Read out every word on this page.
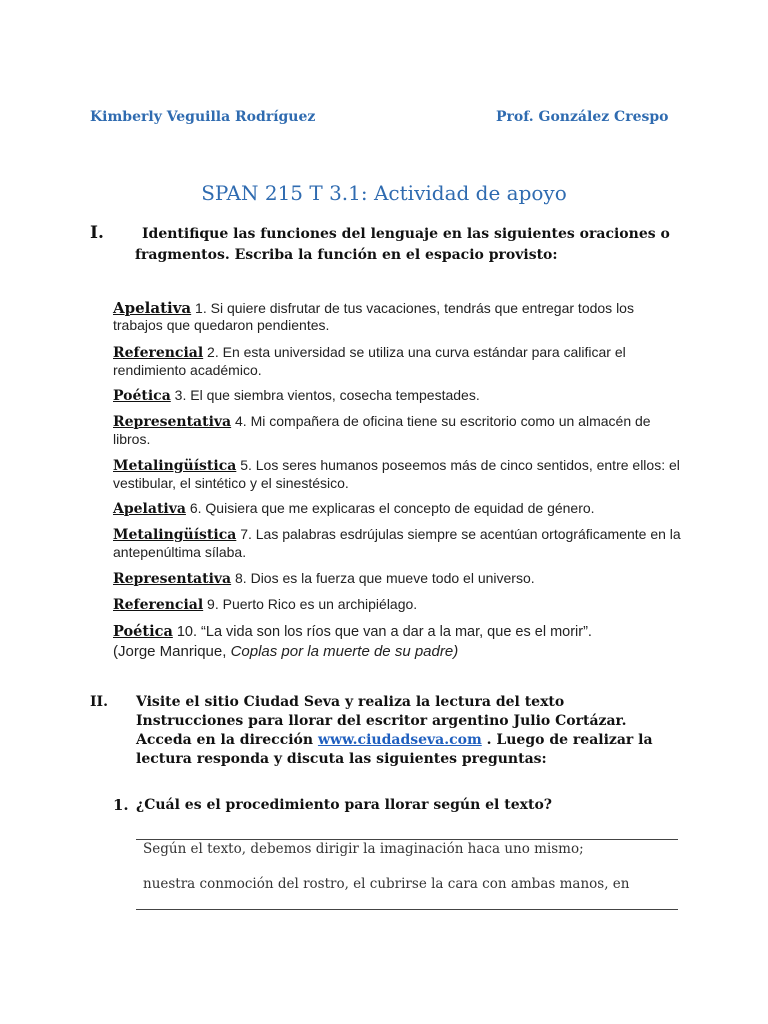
Kimberly Veguilla Rodríguez	Prof. González Crespo
SPAN 215 T 3.1: Actividad de apoyo
I.	Identifique las funciones del lenguaje en las siguientes oraciones o
fragmentos. Escriba la función en el espacio provisto:
Apelativa 1. Si quiere disfrutar de tus vacaciones, tendrás que entregar todos los trabajos que quedaron pendientes.
Referencial 2. En esta universidad se utiliza una curva estándar para calificar el rendimiento académico.
Poética 3. El que siembra vientos, cosecha tempestades.
Representativa 4. Mi compañera de oficina tiene su escritorio como un almacén de libros.
Metalingüística 5. Los seres humanos poseemos más de cinco sentidos, entre ellos: el vestibular, el sintético y el sinestésico.
Apelativa 6. Quisiera que me explicaras el concepto de equidad de género.
Metalingüística 7. Las palabras esdrújulas siempre se acentúan ortográficamente en la antepenúltima sílaba.
Representativa 8. Dios es la fuerza que mueve todo el universo.
Referencial 9. Puerto Rico es un archipiélago.
Poética 10. “La vida son los ríos que van a dar a la mar, que es el morir”.
(Jorge Manrique, Coplas por la muerte de su padre)
II. Visite el sitio Ciudad Seva y realiza la lectura del texto
Instrucciones para llorar del escritor argentino Julio Cortázar.
Acceda en la dirección www.ciudadseva.com . Luego de realizar la
lectura responda y discuta las siguientes preguntas:
1. ¿Cuál es el procedimiento para llorar según el texto?
Según el texto, debemos dirigir la imaginación haca uno mismo;
nuestra conmoción del rostro, el cubrirse la cara con ambas manos, en
